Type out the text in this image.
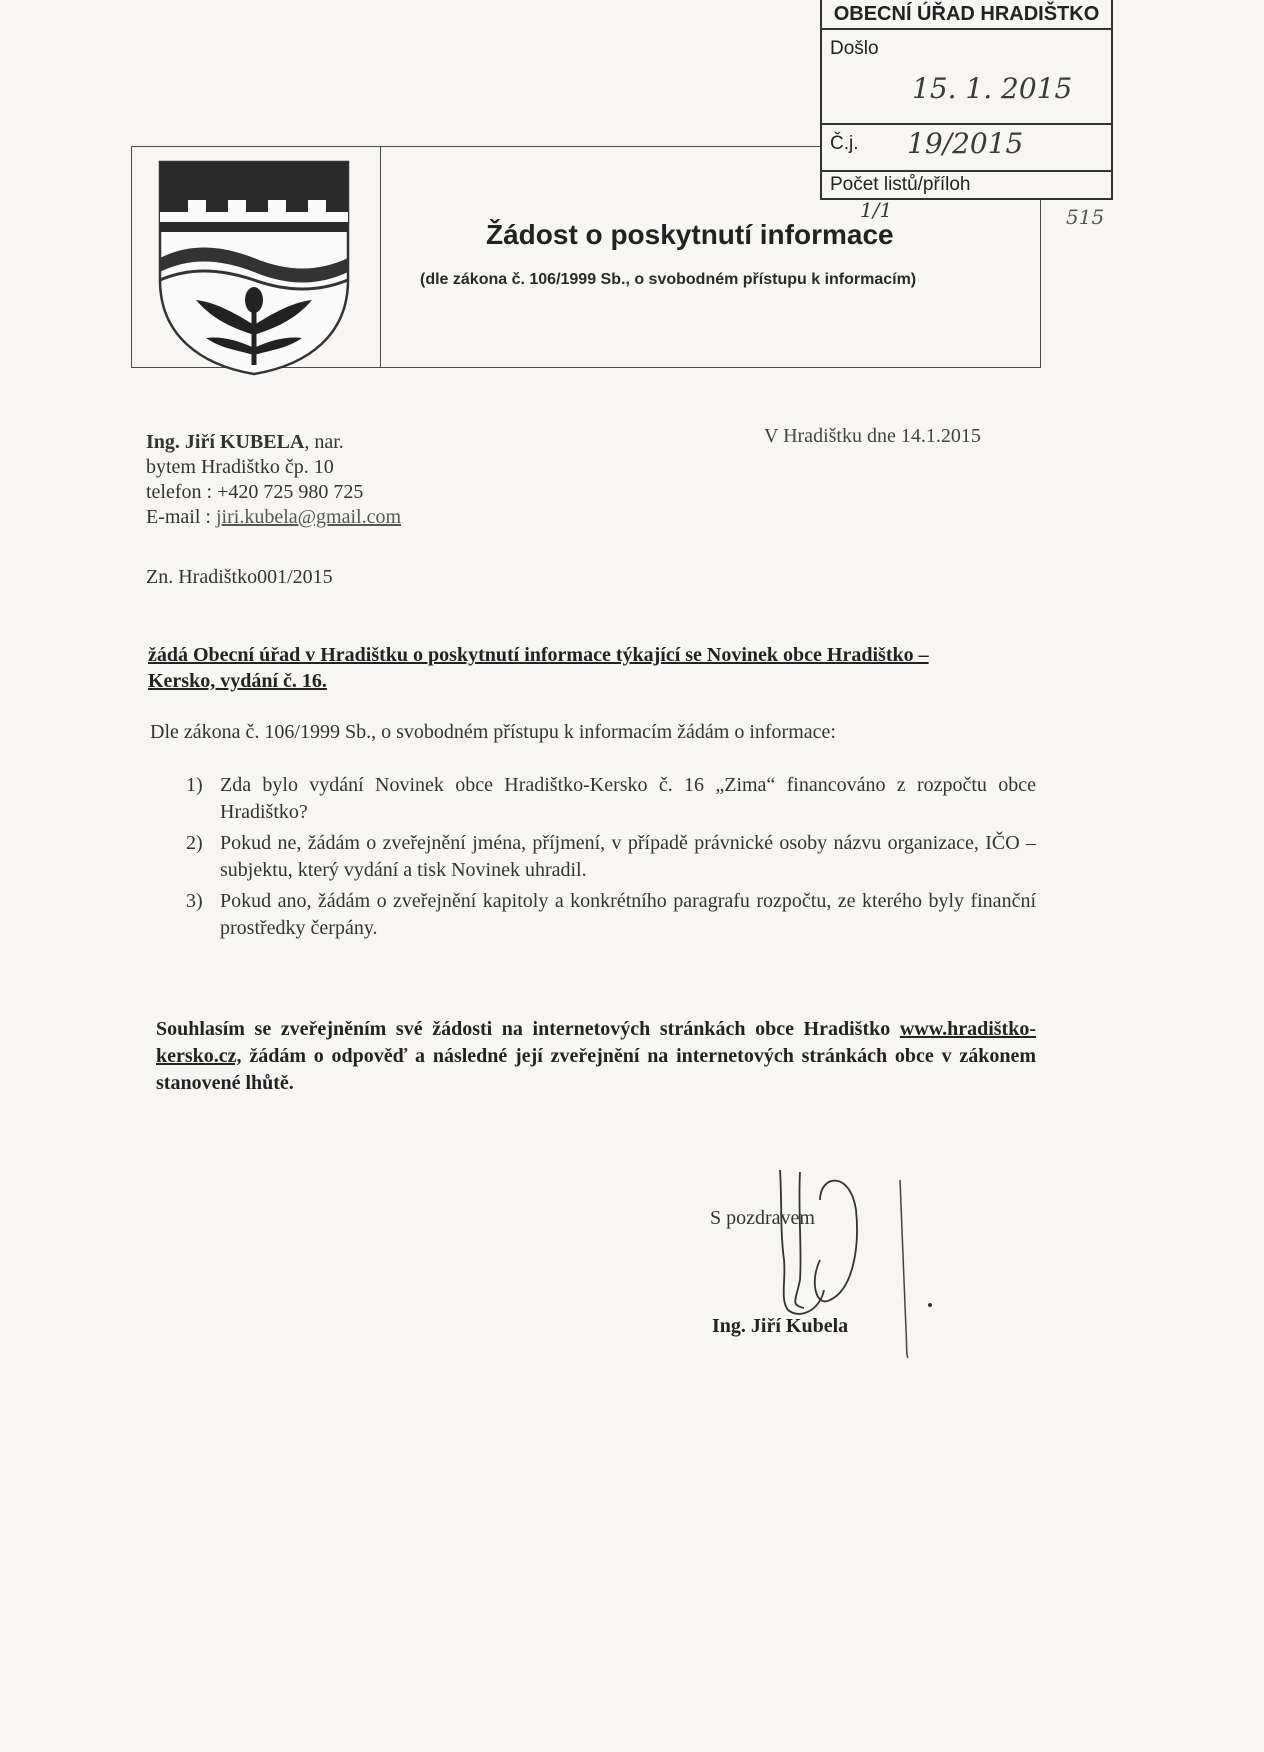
Žádost o poskytnutí informace
(dle zákona č. 106/1999 Sb., o svobodném přístupu k informacím)
OBECNÍ ÚŘAD HRADIŠTKO
Došlo
15. 1. 2015
Č.j. 19/2015
Počet listů/příloh
1/1	515
Ing. Jiří KUBELA, nar.
bytem Hradištko čp. 10
telefon : +420 725 980 725
E-mail : jiri.kubela@gmail.com
V Hradištku dne 14.1.2015
Zn. Hradištko001/2015
žádá Obecní úřad v Hradištku o poskytnutí informace týkající se Novinek obce Hradištko – Kersko, vydání č. 16.
Dle zákona č. 106/1999 Sb., o svobodném přístupu k informacím žádám o informace:
1) Zda bylo vydání Novinek obce Hradištko-Kersko č. 16 „Zima“ financováno z rozpočtu obce Hradištko?
2) Pokud ne, žádám o zveřejnění jména, příjmení, v případě právnické osoby názvu organizace, IČO – subjektu, který vydání a tisk Novinek uhradil.
3) Pokud ano, žádám o zveřejnění kapitoly a konkrétního paragrafu rozpočtu, ze kterého byly finanční prostředky čerpány.
Souhlasím se zveřejněním své žádosti na internetových stránkách obce Hradištko www.hradištko-kersko.cz, žádám o odpověď a následné její zveřejnění na internetových stránkách obce v zákonem stanovené lhůtě.
S pozdravem
Ing. Jiří Kubela
